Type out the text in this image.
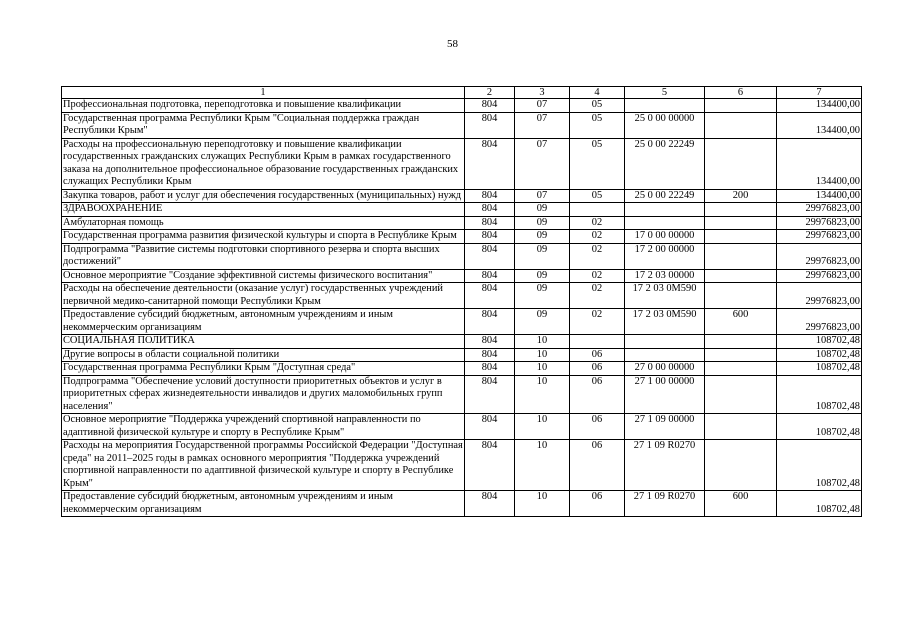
58
1	2	3	4	5	6	7
Профессиональная подготовка, переподготовка и повышение квалификации	804	07	05			134400,00
Государственная программа Республики Крым "Социальная поддержка граждан Республики Крым"	804	07	05	25 0 00 00000		134400,00
Расходы на профессиональную переподготовку и повышение квалификации государственных гражданских служащих Республики Крым в рамках государственного заказа на дополнительное профессиональное образование государственных гражданских служащих Республики Крым	804	07	05	25 0 00 22249		134400,00
Закупка товаров, работ и услуг для обеспечения государственных (муниципальных) нужд	804	07	05	25 0 00 22249	200	134400,00
ЗДРАВООХРАНЕНИЕ	804	09				29976823,00
Амбулаторная помощь	804	09	02			29976823,00
Государственная программа развития физической культуры и спорта в Республике Крым	804	09	02	17 0 00 00000		29976823,00
Подпрограмма "Развитие системы подготовки спортивного резерва и спорта высших достижений"	804	09	02	17 2 00 00000		29976823,00
Основное мероприятие "Создание эффективной системы физического воспитания"	804	09	02	17 2 03 00000		29976823,00
Расходы на обеспечение деятельности (оказание услуг) государственных учреждений первичной медико-санитарной помощи Республики Крым	804	09	02	17 2 03 0М590		29976823,00
Предоставление субсидий бюджетным, автономным учреждениям и иным некоммерческим организациям	804	09	02	17 2 03 0М590	600	29976823,00
СОЦИАЛЬНАЯ ПОЛИТИКА	804	10				108702,48
Другие вопросы в области социальной политики	804	10	06			108702,48
Государственная программа Республики Крым "Доступная среда"	804	10	06	27 0 00 00000		108702,48
Подпрограмма "Обеспечение условий доступности приоритетных объектов и услуг в приоритетных сферах жизнедеятельности инвалидов и других маломобильных групп населения"	804	10	06	27 1 00 00000		108702,48
Основное мероприятие "Поддержка учреждений спортивной направленности по адаптивной физической культуре и спорту в Республике Крым"	804	10	06	27 1 09 00000		108702,48
Расходы на мероприятия Государственной программы Российской Федерации "Доступная среда" на 2011–2025 годы в рамках основного мероприятия "Поддержка учреждений спортивной направленности по адаптивной физической культуре и спорту в Республике Крым"	804	10	06	27 1 09 R0270		108702,48
Предоставление субсидий бюджетным, автономным учреждениям и иным некоммерческим организациям	804	10	06	27 1 09 R0270	600	108702,48
